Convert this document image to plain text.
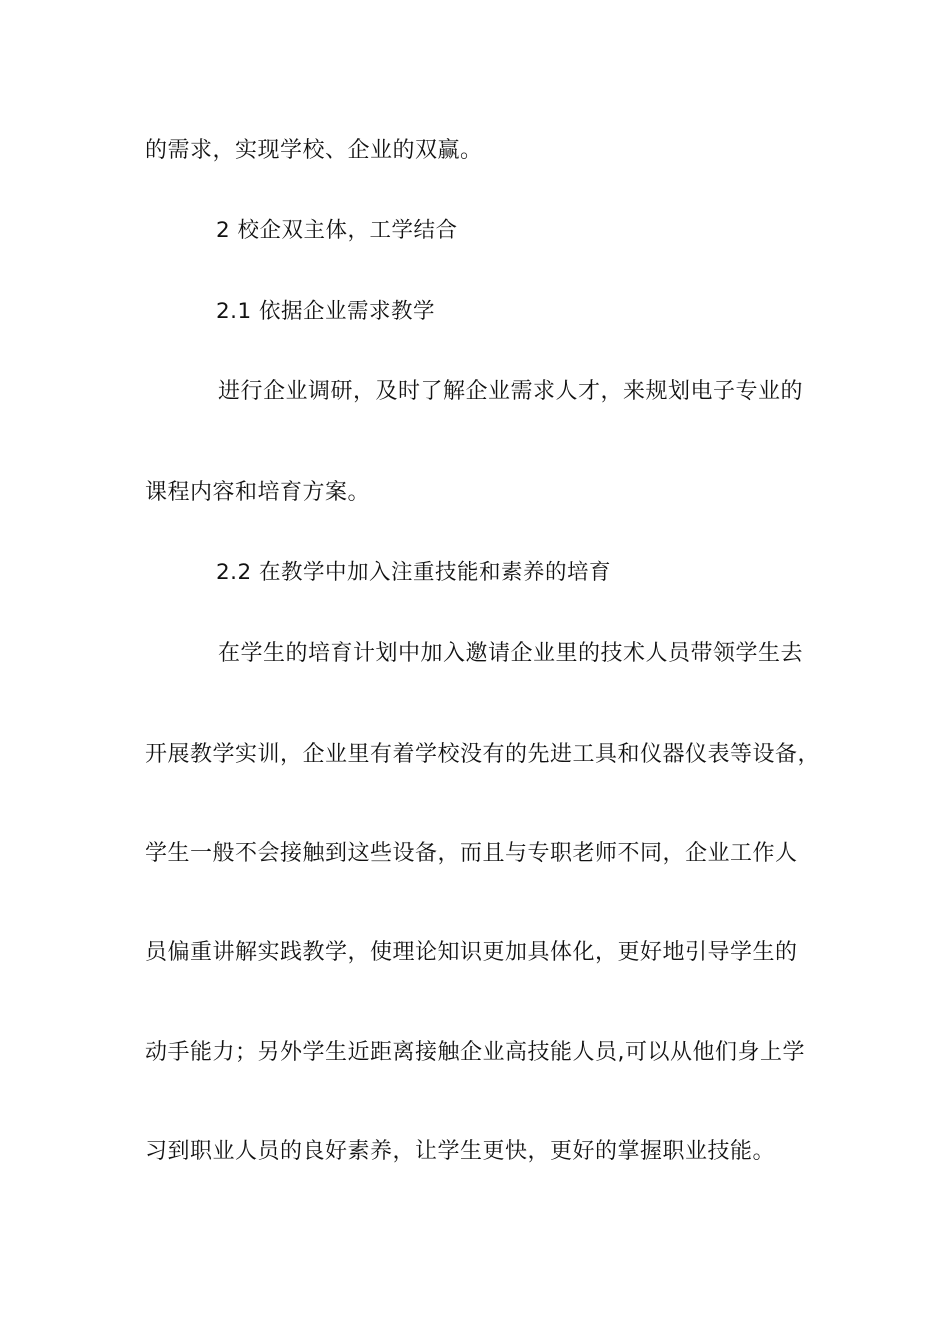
的需求，实现学校、企业的双赢。
2 校企双主体，工学结合
2.1 依据企业需求教学
进行企业调研，及时了解企业需求人才，来规划电子专业的
课程内容和培育方案。
2.2 在教学中加入注重技能和素养的培育
在学生的培育计划中加入邀请企业里的技术人员带领学生去
开展教学实训，企业里有着学校没有的先进工具和仪器仪表等设备，
学生一般不会接触到这些设备，而且与专职老师不同，企业工作人
员偏重讲解实践教学，使理论知识更加具体化，更好地引导学生的
动手能力；另外学生近距离接触企业高技能人员,可以从他们身上学
习到职业人员的良好素养，让学生更快，更好的掌握职业技能。
